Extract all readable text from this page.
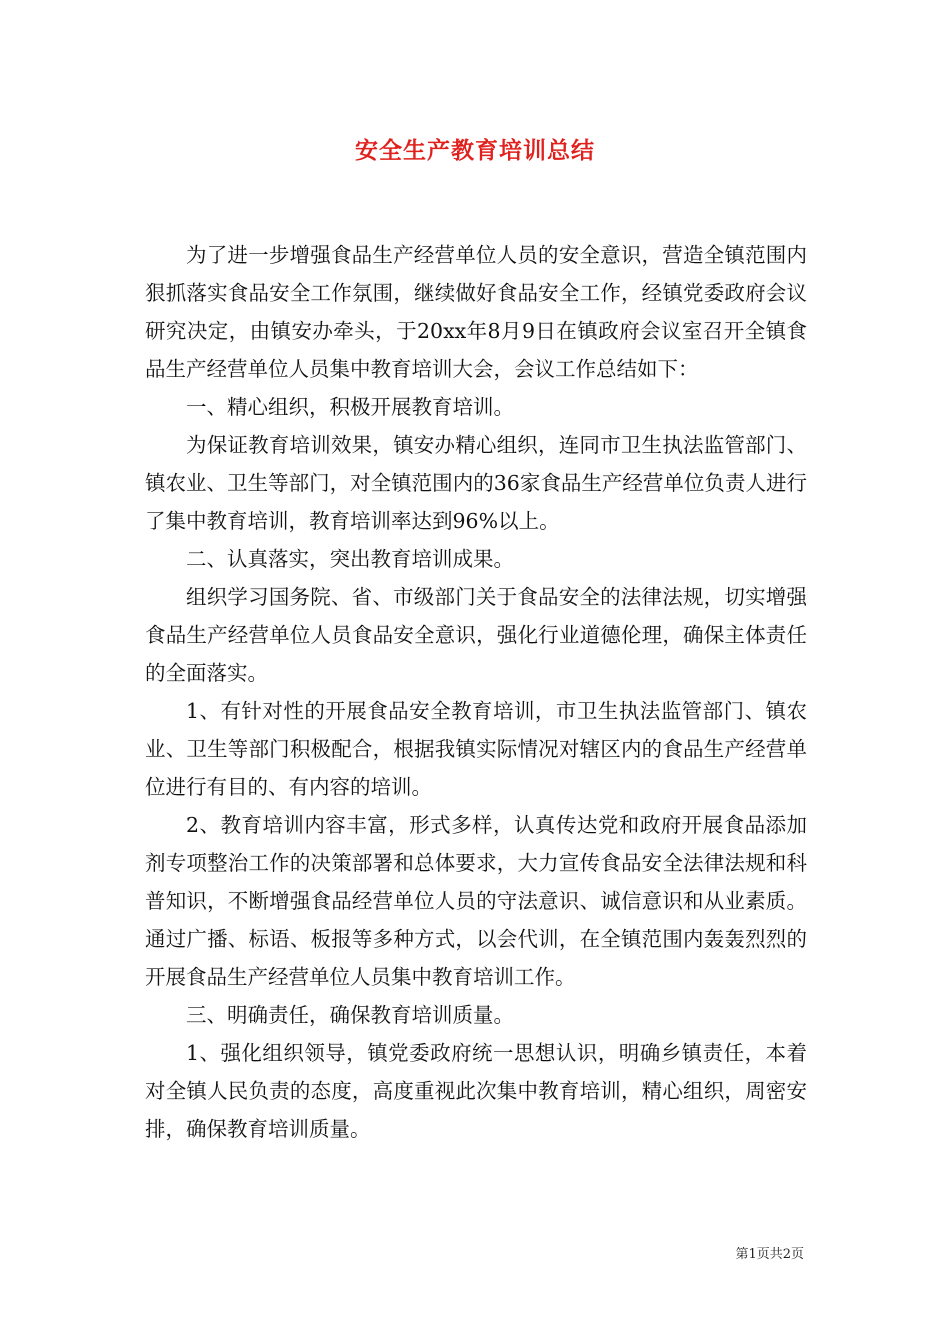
安全生产教育培训总结

为了进一步增强食品生产经营单位人员的安全意识，营造全镇范围内狠抓落实食品安全工作氛围，继续做好食品安全工作，经镇党委政府会议研究决定，由镇安办牵头，于20xx年8月9日在镇政府会议室召开全镇食品生产经营单位人员集中教育培训大会，会议工作总结如下：

一、精心组织，积极开展教育培训。

为保证教育培训效果，镇安办精心组织，连同市卫生执法监管部门、镇农业、卫生等部门，对全镇范围内的36家食品生产经营单位负责人进行了集中教育培训，教育培训率达到96%以上。

二、认真落实，突出教育培训成果。

组织学习国务院、省、市级部门关于食品安全的法律法规，切实增强食品生产经营单位人员食品安全意识，强化行业道德伦理，确保主体责任的全面落实。

1、有针对性的开展食品安全教育培训，市卫生执法监管部门、镇农业、卫生等部门积极配合，根据我镇实际情况对辖区内的食品生产经营单位进行有目的、有内容的培训。

2、教育培训内容丰富，形式多样，认真传达党和政府开展食品添加剂专项整治工作的决策部署和总体要求，大力宣传食品安全法律法规和科普知识，不断增强食品经营单位人员的守法意识、诚信意识和从业素质。通过广播、标语、板报等多种方式，以会代训，在全镇范围内轰轰烈烈的开展食品生产经营单位人员集中教育培训工作。

三、明确责任，确保教育培训质量。

1、强化组织领导，镇党委政府统一思想认识，明确乡镇责任，本着对全镇人民负责的态度，高度重视此次集中教育培训，精心组织，周密安排，确保教育培训质量。

第1页共2页
